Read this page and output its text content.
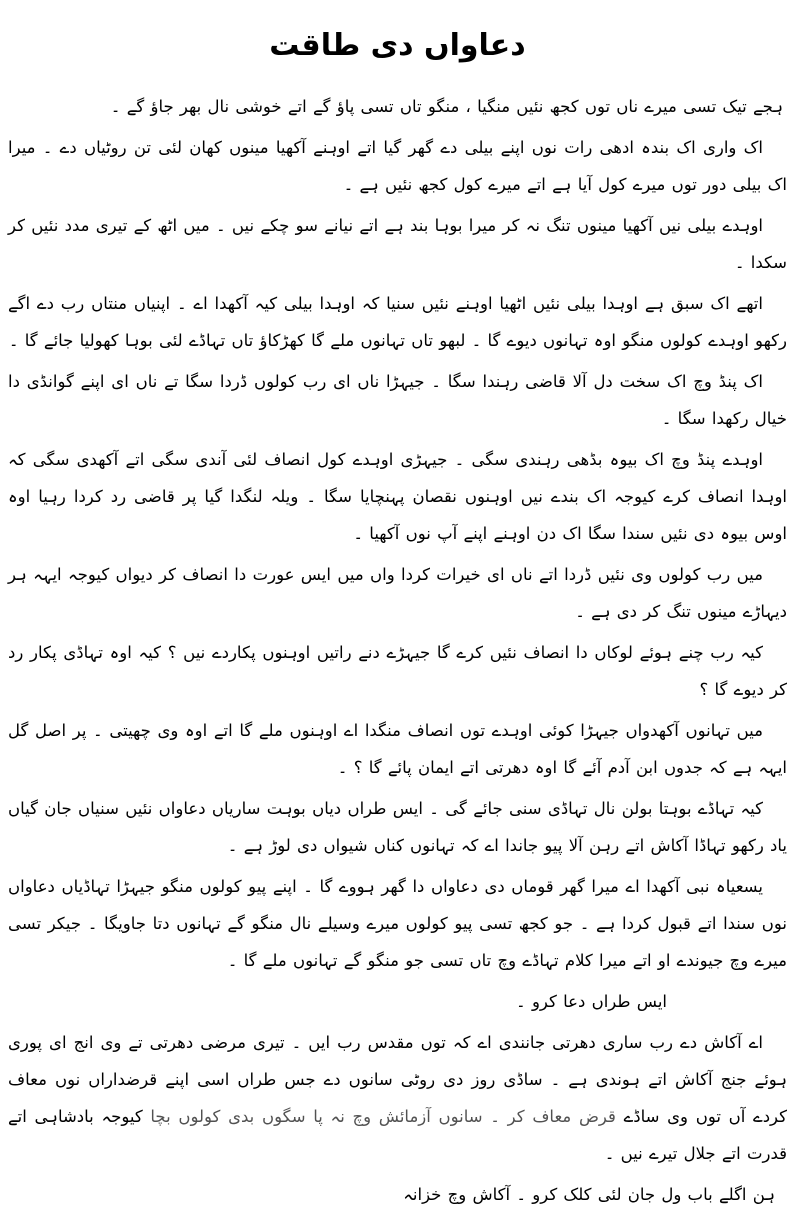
دعاواں دی طاقت

ہجے تیک تسی میرے ناں توں کجھ نئیں منگیا ، منگو تاں تسی پاؤ گے اتے خوشی نال بھر جاؤ گے ۔

اک واری اک بندہ ادھی رات نوں اپنے بیلی دے گھر گیا اتے اوہنے آکھیا مینوں کھان لئی تن روٹیاں دے ۔ میرا اک بیلی دور توں میرے کول آیا ہے اتے میرے کول کجھ نئیں ہے ۔

اوہدے بیلی نیں آکھیا مینوں تنگ نہ کر میرا بوہا بند ہے اتے نیانے سو چکے نیں ۔ میں اٹھ کے تیری مدد نئیں کر سکدا ۔

اتھے اک سبق ہے اوہدا بیلی نئیں اٹھیا اوہنے نئیں سنیا کہ اوہدا بیلی کیہ آکھدا اے ۔ اپنیاں منتاں رب دے اگے رکھو اوہدے کولوں منگو اوہ تہانوں دیوے گا ۔ لبھو تاں تہانوں ملے گا کھڑکاؤ تاں تہاڈے لئی بوہا کھولیا جائے گا ۔

اک پنڈ وچ اک سخت دل آلا قاضی رہندا سگا ۔ جیہڑا ناں ای رب کولوں ڈردا سگا تے ناں ای اپنے گوانڈی دا خیال رکھدا سگا ۔

اوہدے پنڈ وچ اک بیوہ بڈھی رہندی سگی ۔ جیہڑی اوہدے کول انصاف لئی آندی سگی اتے آکھدی سگی کہ اوہدا انصاف کرے کیوجہ اک بندے نیں اوہنوں نقصان پہنچایا سگا ۔ ویلہ لنگدا گیا پر قاضی رد کردا رہیا اوہ اوس بیوہ دی نئیں سندا سگا اک دن اوہنے اپنے آپ نوں آکھیا ۔

میں رب کولوں وی نئیں ڈردا اتے ناں ای خیرات کردا واں میں ایس عورت دا انصاف کر دیواں کیوجہ ایہہ ہر دیہاڑے مینوں تنگ کر دی ہے ۔

کیہ رب چنے ہوئے لوکاں دا انصاف نئیں کرے گا جیہڑے دنے راتیں اوہنوں پکاردے نیں ؟ کیہ اوہ تہاڈی پکار رد کر دیوے گا ؟

میں تہانوں آکھدواں جیہڑا کوئی اوہدے توں انصاف منگدا اے اوہنوں ملے گا اتے اوہ وی چھیتی ۔ پر اصل گل ایہہ ہے کہ جدوں ابن آدم آئے گا اوہ دھرتی اتے ایمان پائے گا ؟ ۔

کیہ تہاڈے بوہتا بولن نال تہاڈی سنی جائے گی ۔ ایس طراں دیاں بوہت ساریاں دعاواں نئیں سنیاں جان گیاں یاد رکھو تہاڈا آکاش اتے رہن آلا پیو جاندا اے کہ تہانوں کناں شیواں دی لوڑ ہے ۔

یسعیاہ نبی آکھدا اے میرا گھر قوماں دی دعاواں دا گھر ہووے گا ۔ اپنے پیو کولوں منگو جیہڑا تہاڈیاں دعاواں نوں سندا اتے قبول کردا ہے ۔ جو کجھ تسی پیو کولوں میرے وسیلے نال منگو گے تہانوں دتا جاویگا ۔ جیکر تسی میرے وچ جیوندے او اتے میرا کلام تہاڈے وچ تاں تسی جو منگو گے تہانوں ملے گا ۔

ایس طراں دعا کرو ۔

اے آکاش دے رب ساری دھرتی جانندی اے کہ توں مقدس رب ایں ۔ تیری مرضی دھرتی تے وی انج ای پوری ہوئے جنج آکاش اتے ہوندی ہے ۔ ساڈی روز دی روٹی سانوں دے جس طراں اسی اپنے قرضداراں نوں معاف کردے آں توں وی ساڈے قرض معاف کر ۔ سانوں آزمائش وچ نہ پا سگوں بدی کولوں بچا کیوجہ بادشاہی اتے قدرت اتے جلال تیرے نیں ۔

ہن اگلے باب ول جان لئی کلک کرو ۔ آکاش وچ خزانہ
